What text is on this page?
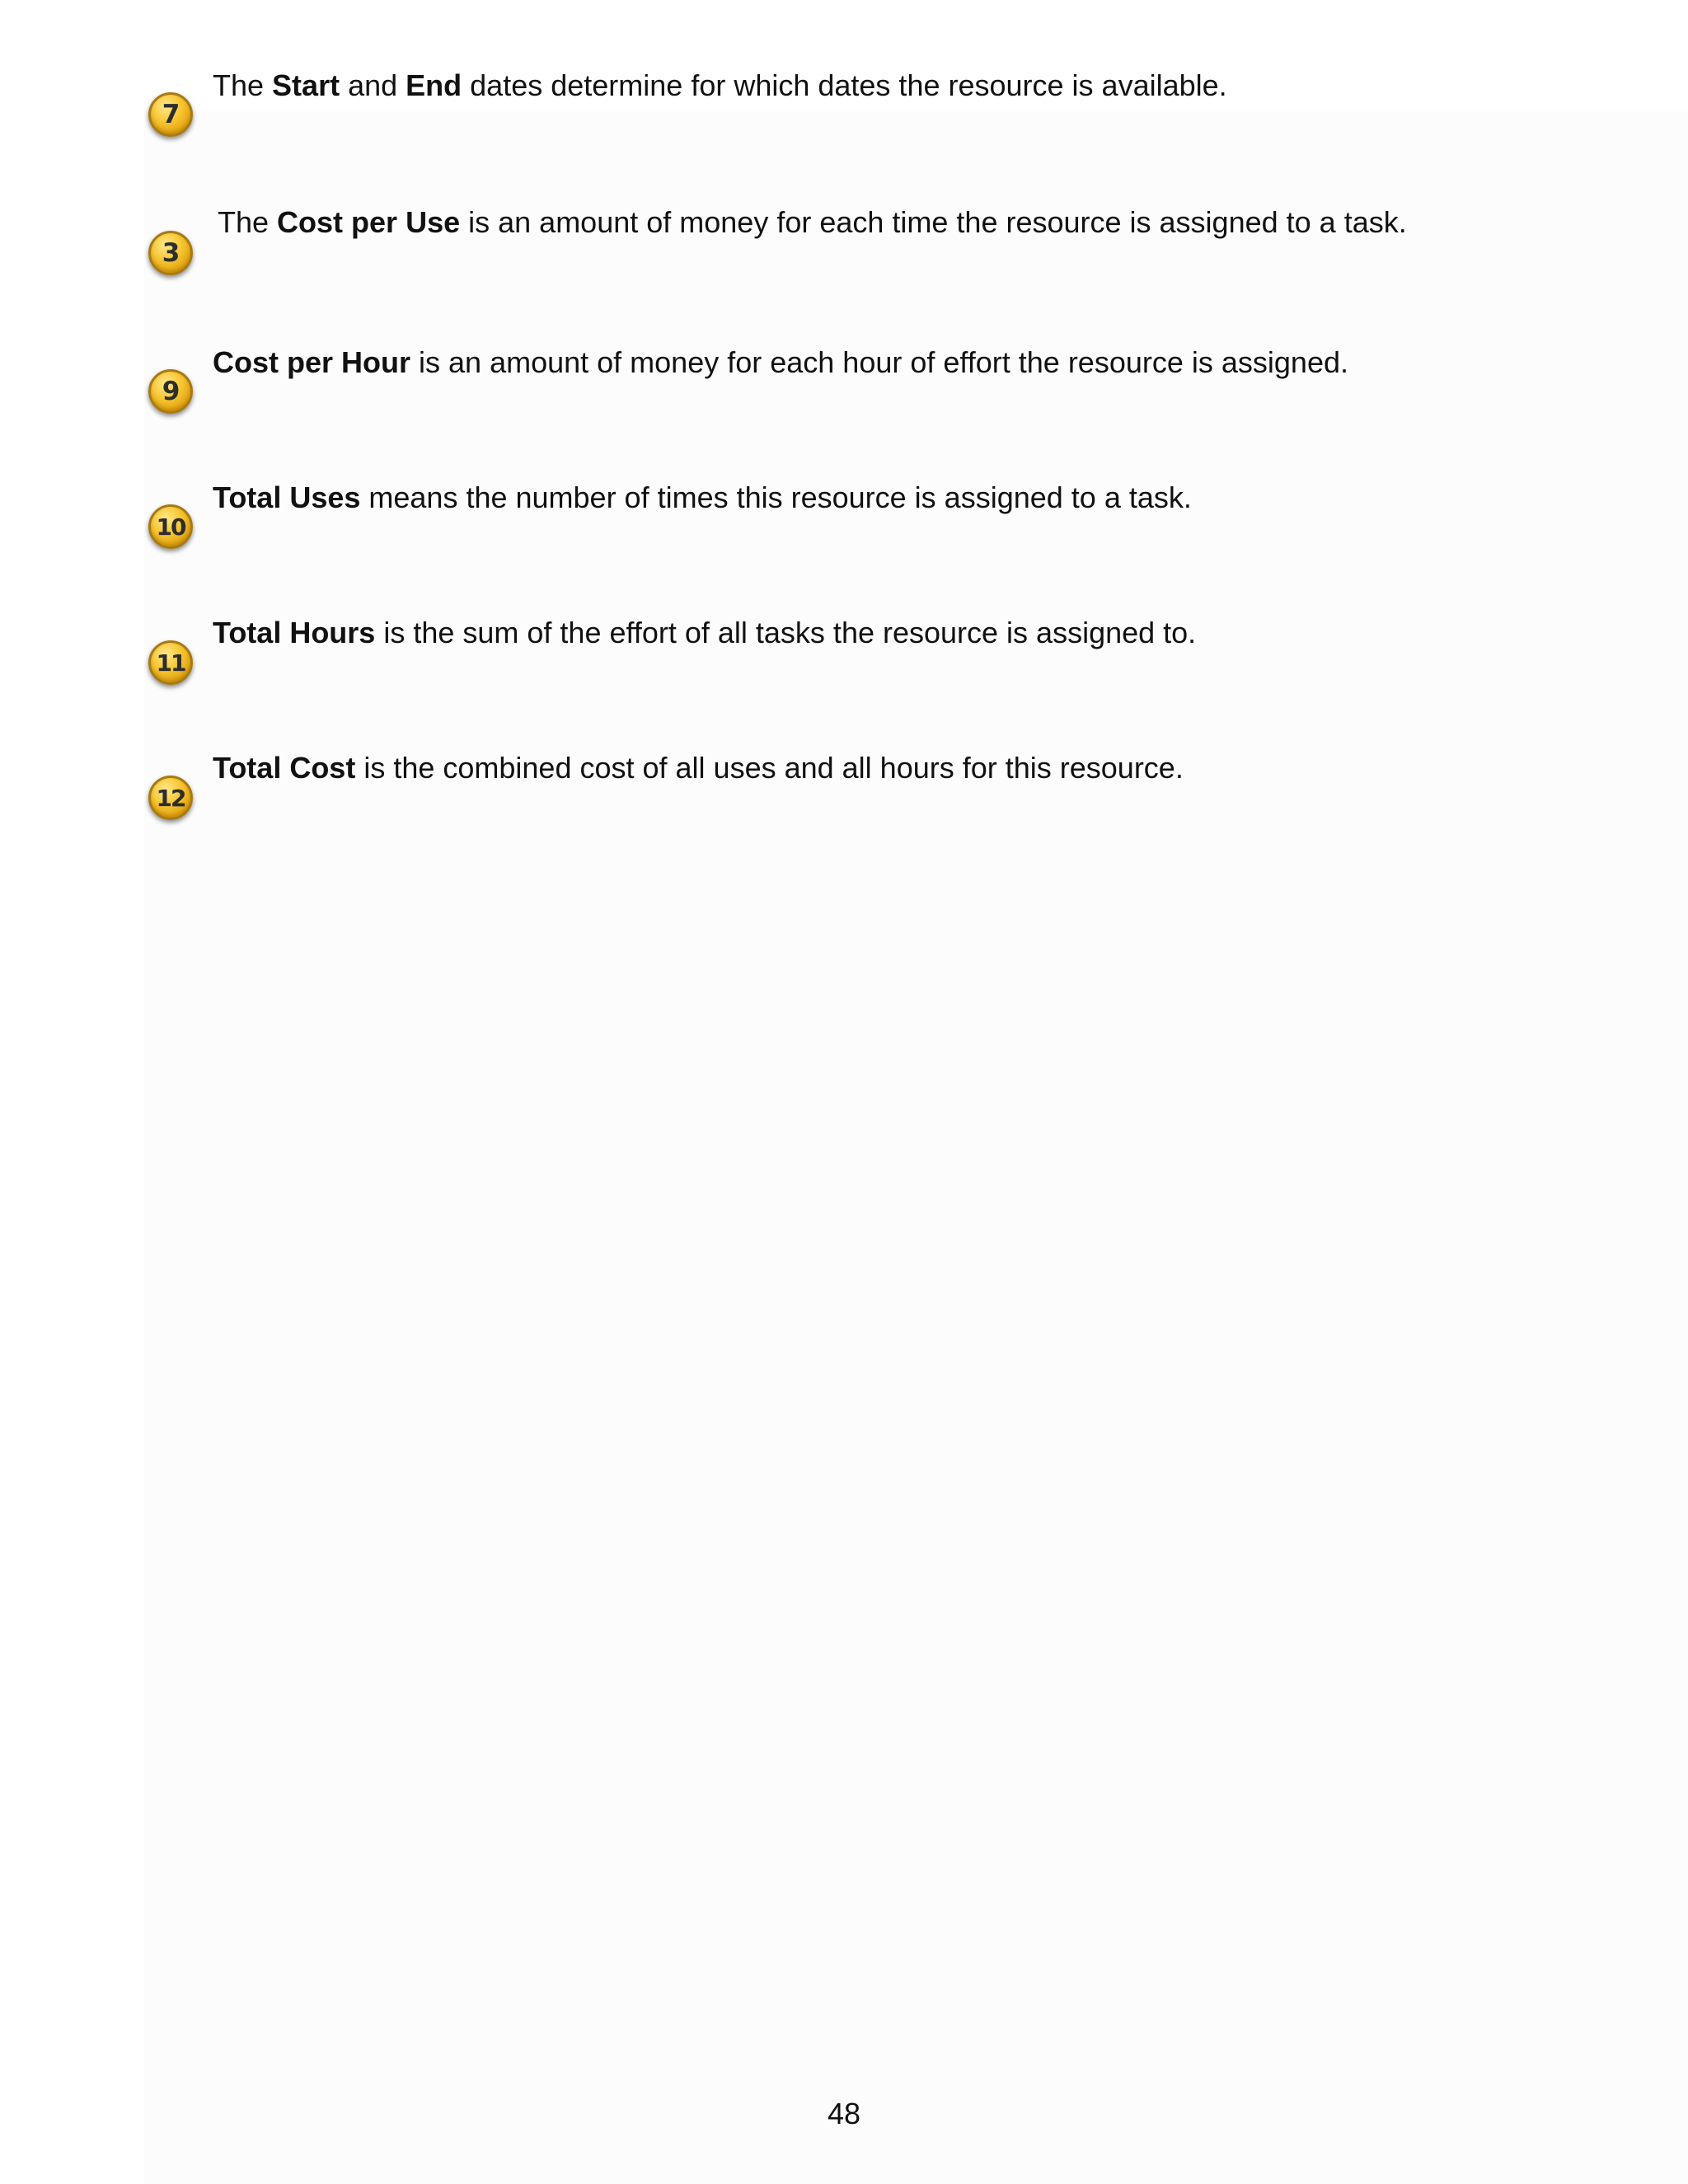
7
The Start and End dates determine for which dates the resource is available.
3
The Cost per Use is an amount of money for each time the resource is assigned to a task.
9
Cost per Hour is an amount of money for each hour of effort the resource is assigned.
10
Total Uses means the number of times this resource is assigned to a task.
11
Total Hours is the sum of the effort of all tasks the resource is assigned to.
12
Total Cost is the combined cost of all uses and all hours for this resource.
48
